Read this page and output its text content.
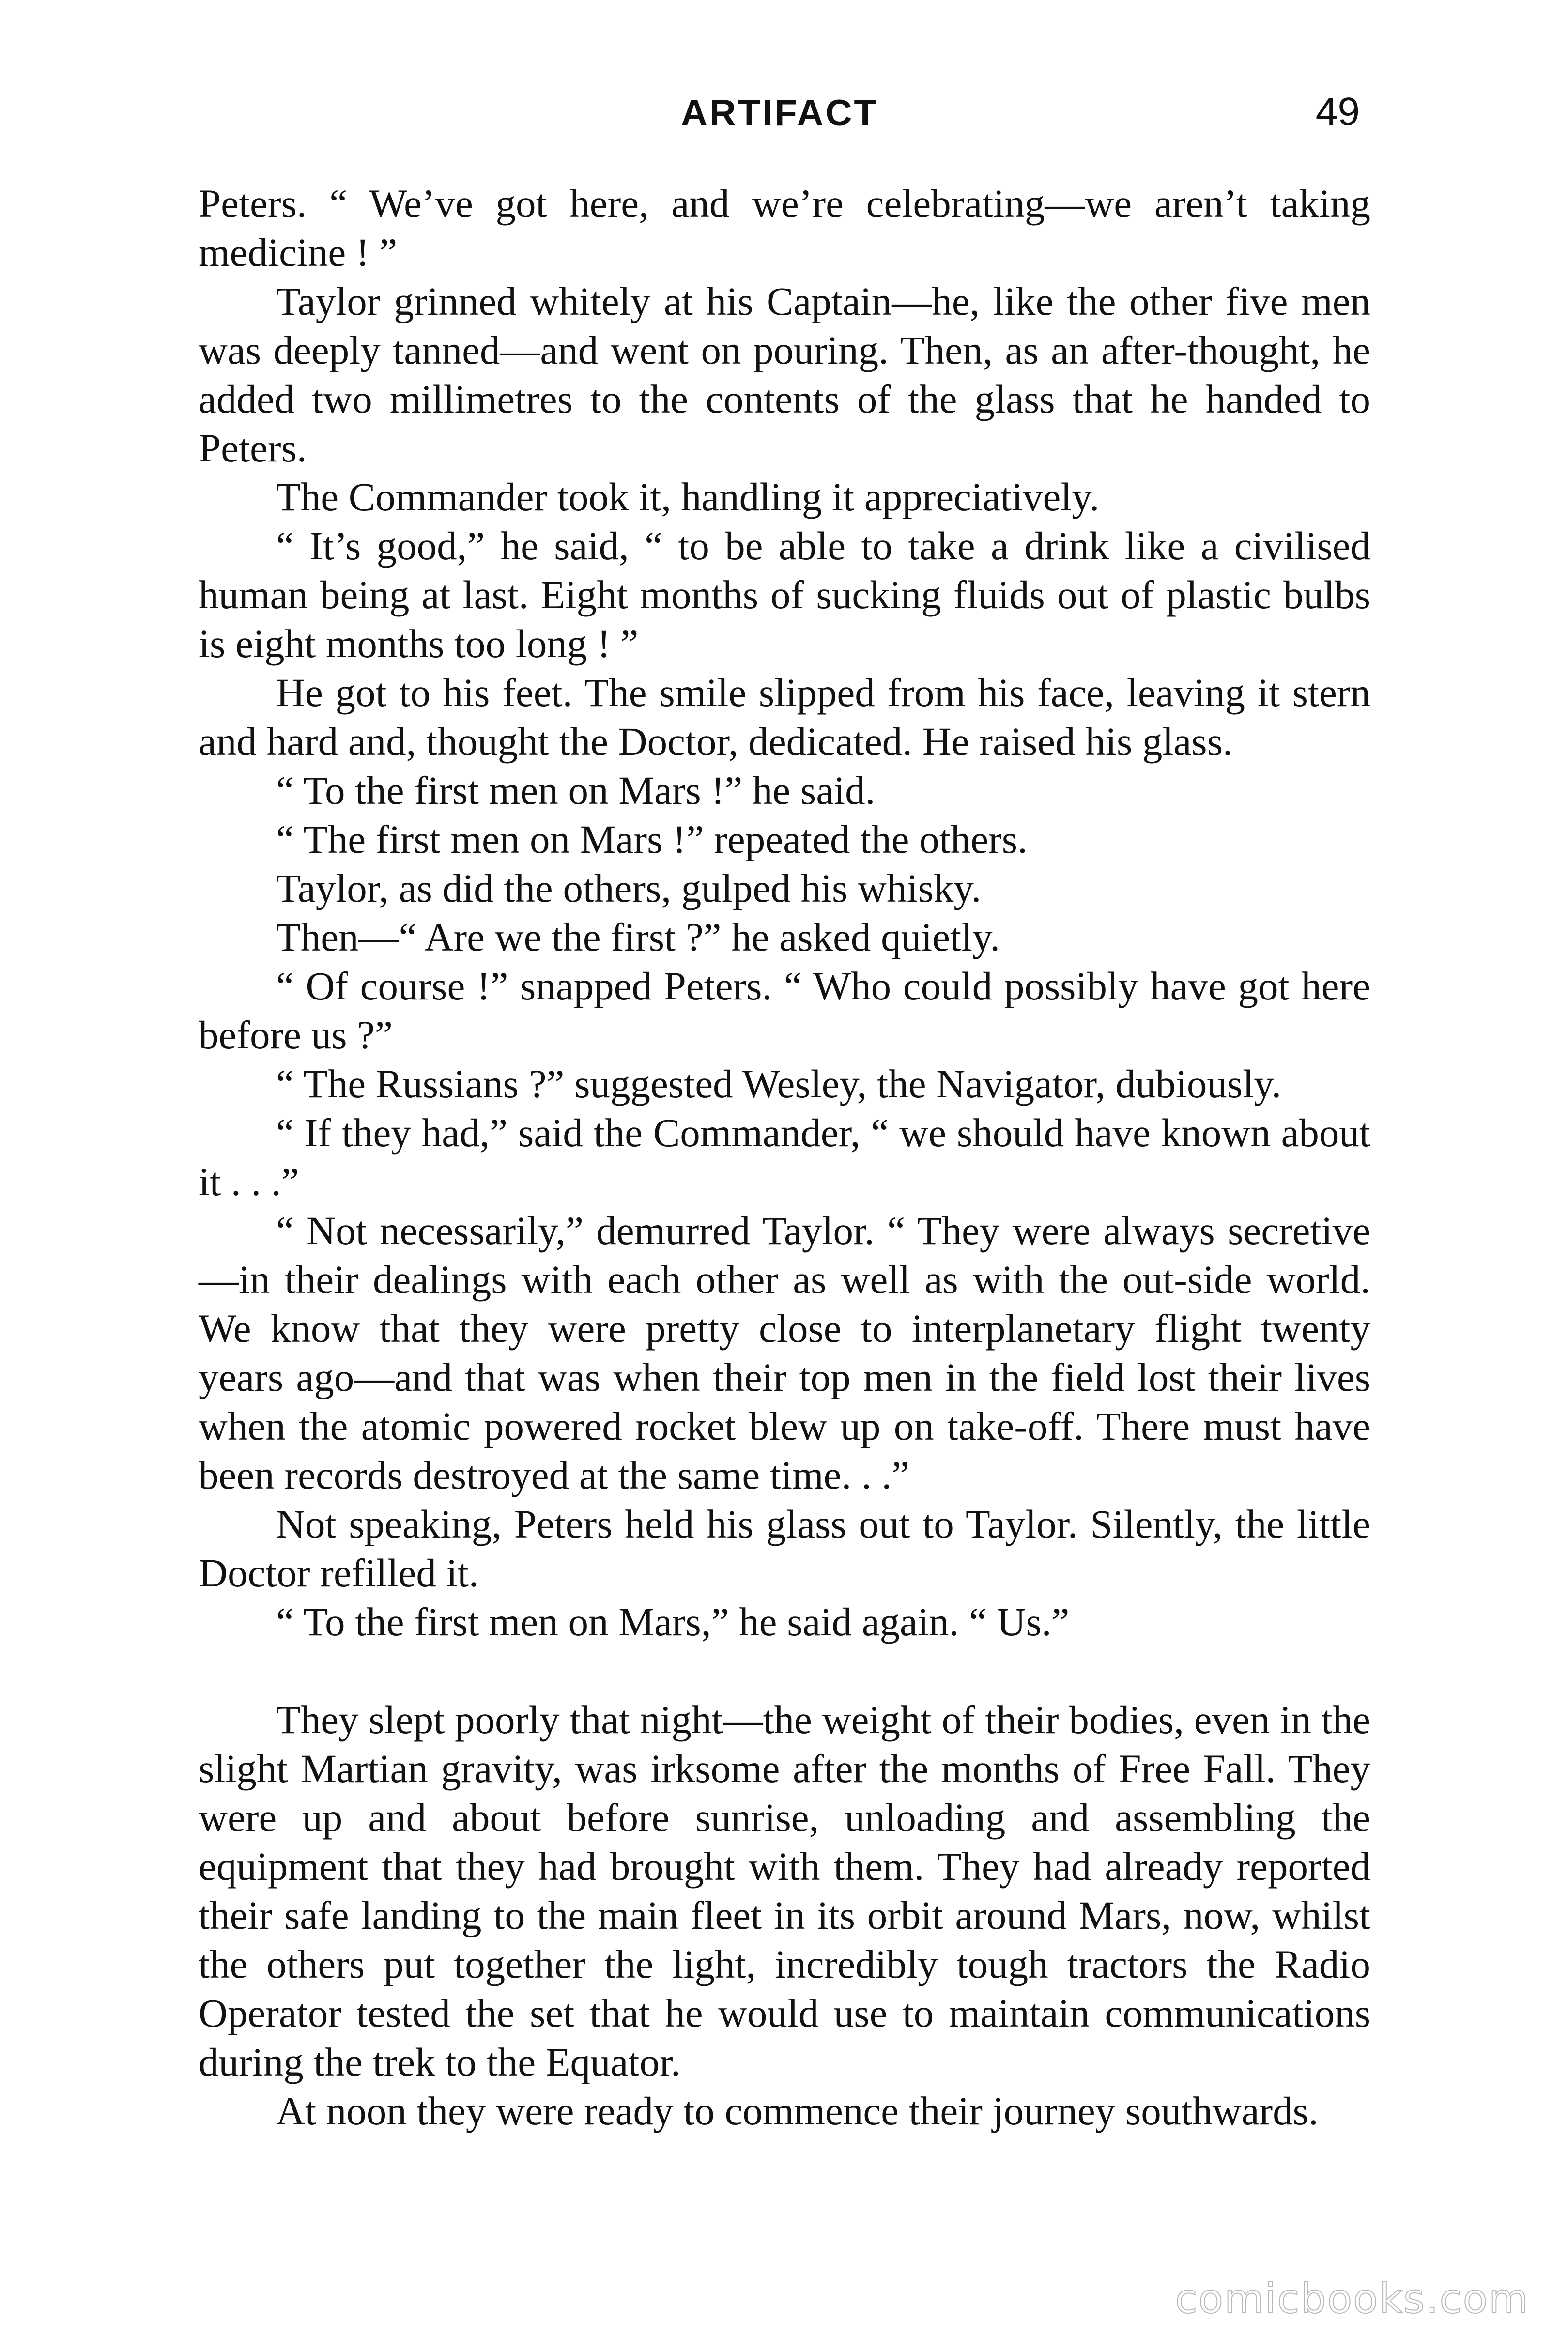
ARTIFACT	49

Peters. “ We’ve got here, and we’re celebrating—we aren’t taking medicine ! ”

Taylor grinned whitely at his Captain—he, like the other five men was deeply tanned—and went on pouring. Then, as an after-thought, he added two millimetres to the contents of the glass that he handed to Peters.

The Commander took it, handling it appreciatively.

“ It’s good,” he said, “ to be able to take a drink like a civilised human being at last. Eight months of sucking fluids out of plastic bulbs is eight months too long ! ”

He got to his feet. The smile slipped from his face, leaving it stern and hard and, thought the Doctor, dedicated. He raised his glass.

“ To the first men on Mars !” he said.

“ The first men on Mars !” repeated the others.

Taylor, as did the others, gulped his whisky.

Then—“ Are we the first ?” he asked quietly.

“ Of course !” snapped Peters. “ Who could possibly have got here before us ?”

“ The Russians ?” suggested Wesley, the Navigator, dubiously.

“ If they had,” said the Commander, “ we should have known about it . . .”

“ Not necessarily,” demurred Taylor. “ They were always secretive—in their dealings with each other as well as with the out-side world. We know that they were pretty close to interplanetary flight twenty years ago—and that was when their top men in the field lost their lives when the atomic powered rocket blew up on take-off. There must have been records destroyed at the same time. . .”

Not speaking, Peters held his glass out to Taylor. Silently, the little Doctor refilled it.

“ To the first men on Mars,” he said again. “ Us.”

They slept poorly that night—the weight of their bodies, even in the slight Martian gravity, was irksome after the months of Free Fall. They were up and about before sunrise, unloading and assembling the equipment that they had brought with them. They had already reported their safe landing to the main fleet in its orbit around Mars, now, whilst the others put together the light, incredibly tough tractors the Radio Operator tested the set that he would use to maintain communications during the trek to the Equator.

At noon they were ready to commence their journey southwards.

comicbooks.com
